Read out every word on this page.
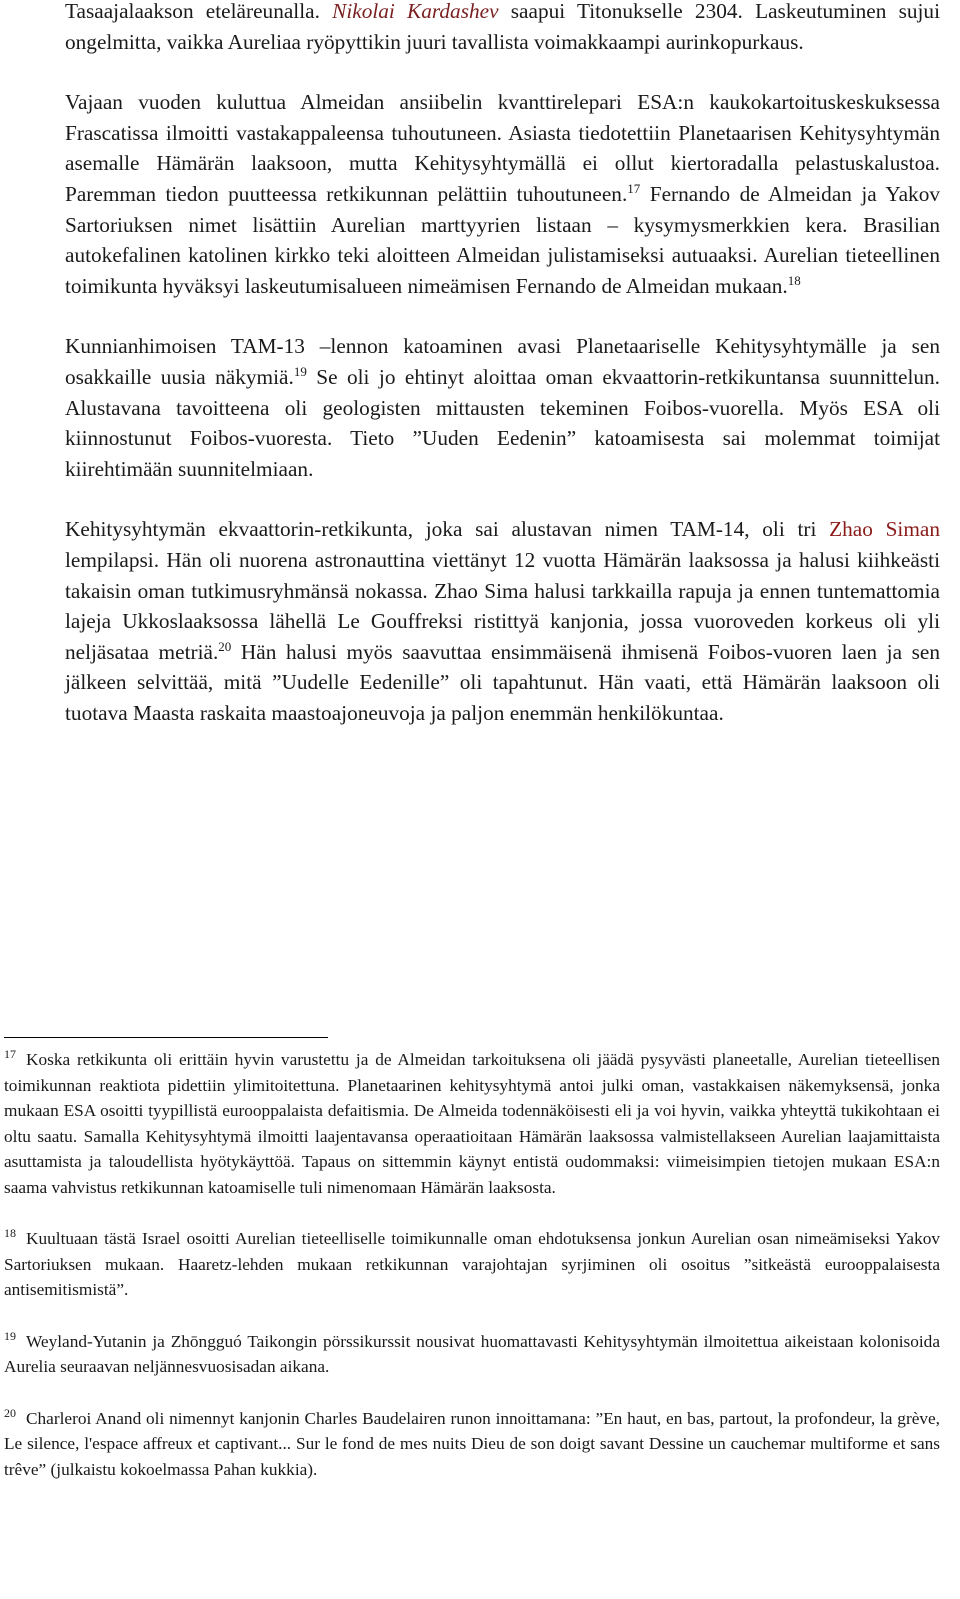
Tasaajalaakson eteläreunalla. Nikolai Kardashev saapui Titonukselle 2304. Laskeutuminen sujui ongelmitta, vaikka Aureliaa ryöpyttikin juuri tavallista voimakkaampi aurinkopurkaus.

Vajaan vuoden kuluttua Almeidan ansiibelin kvanttirelepari ESA:n kaukokartoituskeskuksessa Frascatissa ilmoitti vastakappaleensa tuhoutuneen. Asiasta tiedotettiin Planetaarisen Kehitysyhtymän asemalle Hämärän laaksoon, mutta Kehitysyhtymällä ei ollut kiertoradalla pelastuskalustoa. Paremman tiedon puutteessa retkikunnan pelättiin tuhoutuneen.$^{17}$ Fernando de Almeidan ja Yakov Sartoriuksen nimet lisättiin Aurelian marttyyrien listaan – kysymysmerkkien kera. Brasilian autokefalinen katolinen kirkko teki aloitteen Almeidan julistamiseksi autuaaksi. Aurelian tieteellinen toimikunta hyväksyi laskeutumisalueen nimeämisen Fernando de Almeidan mukaan.$^{18}$

Kunnianhimoisen TAM-13 –lennon katoaminen avasi Planetaariselle Kehitysyhtymälle ja sen osakkaille uusia näkymiä.$^{19}$ Se oli jo ehtinyt aloittaa oman ekvaattorin-retkikuntansa suunnittelun. Alustavana tavoitteena oli geologisten mittausten tekeminen Foibos-vuorella. Myös ESA oli kiinnostunut Foibos-vuoresta. Tieto ”Uuden Eedenin” katoamisesta sai molemmat toimijat kiirehtimään suunnitelmiaan.

Kehitysyhtymän ekvaattorin-retkikunta, joka sai alustavan nimen TAM-14, oli tri Zhao Siman lempilapsi. Hän oli nuorena astronauttina viettänyt 12 vuotta Hämärän laaksossa ja halusi kiihkeästi takaisin oman tutkimusryhmänsä nokassa. Zhao Sima halusi tarkkailla rapuja ja ennen tuntemattomia lajeja Ukkoslaaksossa lähellä Le Gouffreksi ristittyä kanjonia, jossa vuoroveden korkeus oli yli neljäsataa metriä.$^{20}$ Hän halusi myös saavuttaa ensimmäisenä ihmisenä Foibos-vuoren laen ja sen jälkeen selvittää, mitä ”Uudelle Eedenille” oli tapahtunut. Hän vaati, että Hämärän laaksoon oli tuotava Maasta raskaita maastoajoneuvoja ja paljon enemmän henkilökuntaa.

$^{17}$ Koska retkikunta oli erittäin hyvin varustettu ja de Almeidan tarkoituksena oli jäädä pysyvästi planeetalle, Aurelian tieteellisen toimikunnan reaktiota pidettiin ylimitoitettuna. Planetaarinen kehitysyhtymä antoi julki oman, vastakkaisen näkemyksensä, jonka mukaan ESA osoitti tyypillistä eurooppalaista defaitismia. De Almeida todennäköisesti eli ja voi hyvin, vaikka yhteyttä tukikohtaan ei oltu saatu. Samalla Kehitysyhtymä ilmoitti laajentavansa operaatioitaan Hämärän laaksossa valmistellakseen Aurelian laajamittaista asuttamista ja taloudellista hyötykäyttöä. Tapaus on sittemmin käynyt entistä oudommaksi: viimeisimpien tietojen mukaan ESA:n saama vahvistus retkikunnan katoamiselle tuli nimenomaan Hämärän laaksosta.

$^{18}$ Kuultuaan tästä Israel osoitti Aurelian tieteelliselle toimikunnalle oman ehdotuksensa jonkun Aurelian osan nimeämiseksi Yakov Sartoriuksen mukaan. Haaretz-lehden mukaan retkikunnan varajohtajan syrjiminen oli osoitus ”sitkeästä eurooppalaisesta antisemitismistä”.

$^{19}$ Weyland-Yutanin ja Zhōngguó Taikongin pörssikurssit nousivat huomattavasti Kehitysyhtymän ilmoitettua aikeistaan kolonisoida Aurelia seuraavan neljännesvuosisadan aikana.

$^{20}$ Charleroi Anand oli nimennyt kanjonin Charles Baudelairen runon innoittamana: ”En haut, en bas, partout, la profondeur, la grève, Le silence, l'espace affreux et captivant... Sur le fond de mes nuits Dieu de son doigt savant Dessine un cauchemar multiforme et sans trêve” (julkaistu kokoelmassa Pahan kukkia).
